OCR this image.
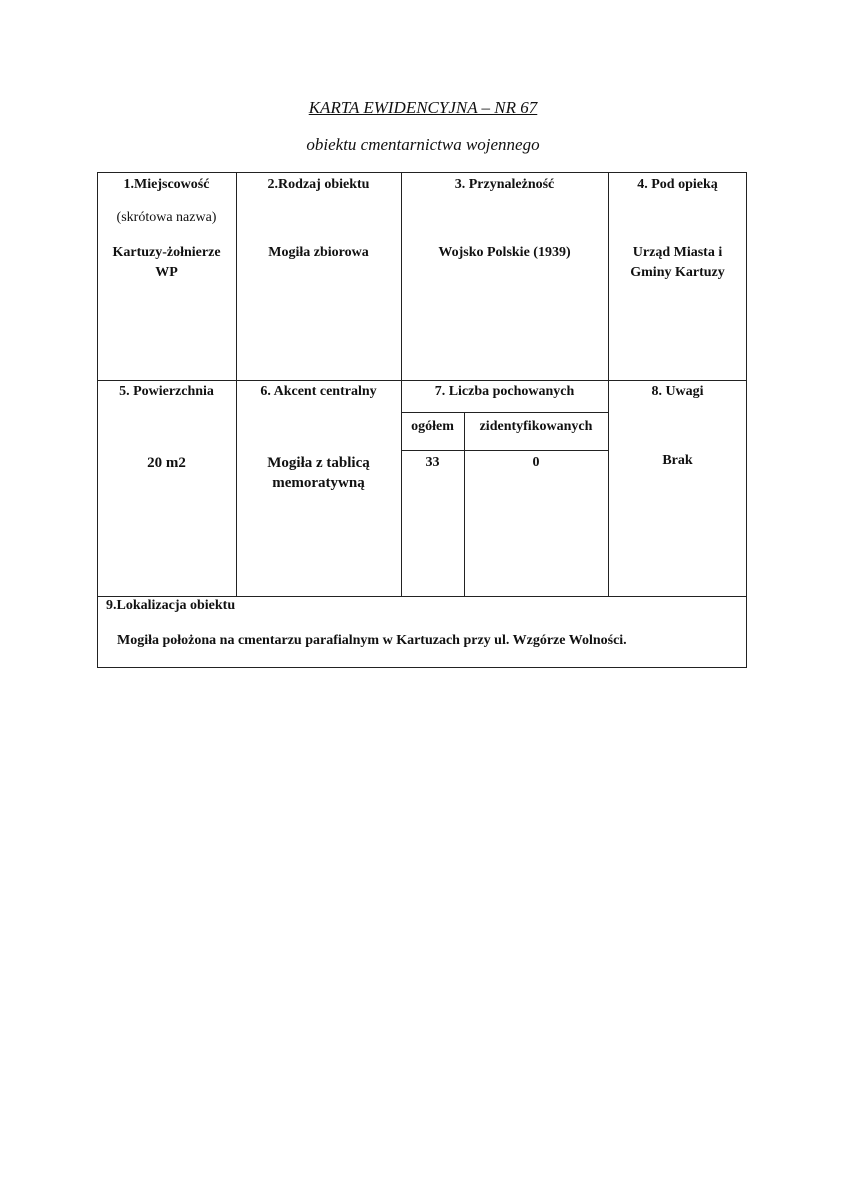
KARTA EWIDENCYJNA – NR 67
obiektu cmentarnictwa wojennego
1.Miejscowość
(skrótowa nazwa)
Kartuzy-żołnierze
WP
2.Rodzaj obiektu
Mogiła zbiorowa
3. Przynależność
Wojsko Polskie (1939)
4. Pod opieką
Urząd Miasta i
Gminy Kartuzy
5. Powierzchnia
20 m2
6. Akcent centralny
Mogiła z tablicą
memoratywną
7. Liczba pochowanych
ogółem	zidentyfikowanych
33	0
8. Uwagi
Brak
9.Lokalizacja obiektu
Mogiła położona na cmentarzu parafialnym w Kartuzach przy ul. Wzgórze Wolności.
